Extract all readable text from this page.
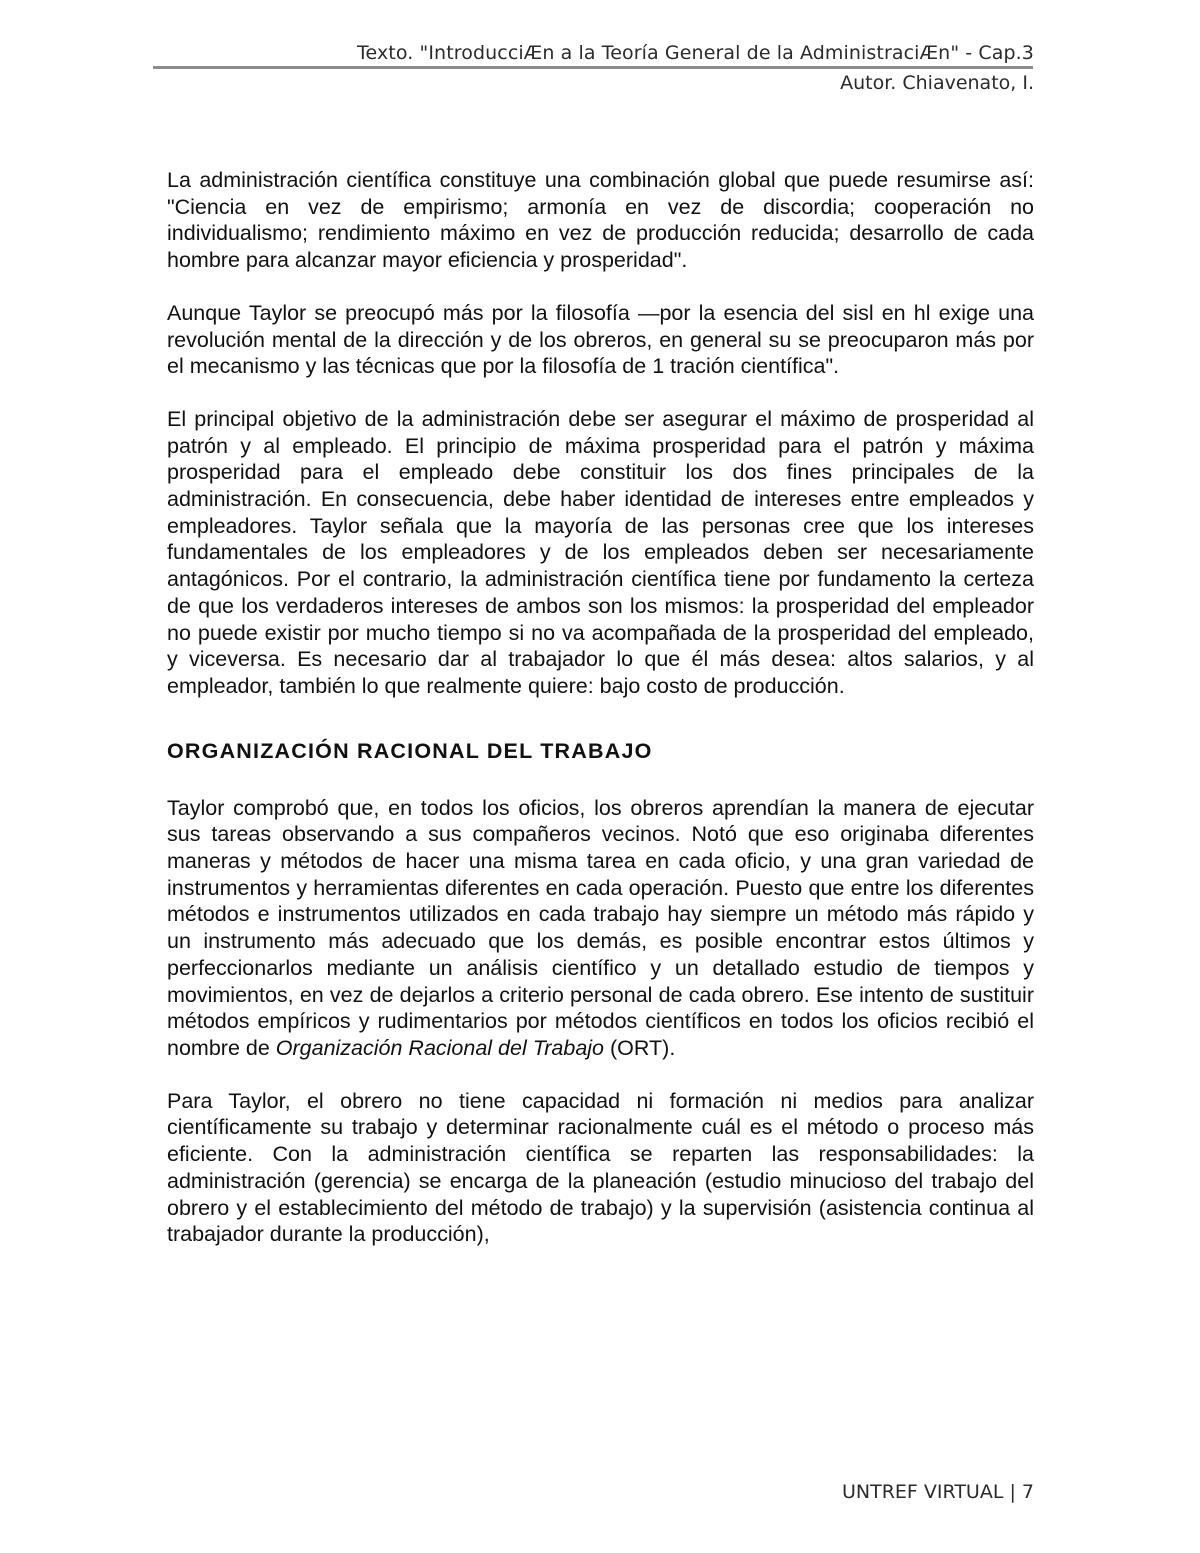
Texto. "IntroducciÆn a la Teoría General de la AdministraciÆn" - Cap.3
Autor. Chiavenato, I.

La administración científica constituye una combinación global que puede resumirse así: "Ciencia en vez de empirismo; armonía en vez de discordia; cooperación no individualismo; rendimiento máximo en vez de producción reducida; desarrollo de cada hombre para alcanzar mayor eficiencia y prosperidad".

Aunque Taylor se preocupó más por la filosofía —por la esencia del sisl en hl exige una revolución mental de la dirección y de los obreros, en general su se preocuparon más por el mecanismo y las técnicas que por la filosofía de 1 tración científica".

El principal objetivo de la administración debe ser asegurar el máximo de prosperidad al patrón y al empleado. El principio de máxima prosperidad para el patrón y máxima prosperidad para el empleado debe constituir los dos fines principales de la administración. En consecuencia, debe haber identidad de intereses entre empleados y empleadores. Taylor señala que la mayoría de las personas cree que los intereses fundamentales de los empleadores y de los empleados deben ser necesariamente antagónicos. Por el contrario, la administración científica tiene por fundamento la certeza de que los verdaderos intereses de ambos son los mismos: la prosperidad del empleador no puede existir por mucho tiempo si no va acompañada de la prosperidad del empleado, y viceversa. Es necesario dar al trabajador lo que él más desea: altos salarios, y al empleador, también lo que realmente quiere: bajo costo de producción.

ORGANIZACIÓN RACIONAL DEL TRABAJO

Taylor comprobó que, en todos los oficios, los obreros aprendían la manera de ejecutar sus tareas observando a sus compañeros vecinos. Notó que eso originaba diferentes maneras y métodos de hacer una misma tarea en cada oficio, y una gran variedad de instrumentos y herramientas diferentes en cada operación. Puesto que entre los diferentes métodos e instrumentos utilizados en cada trabajo hay siempre un método más rápido y un instrumento más adecuado que los demás, es posible encontrar estos últimos y perfeccionarlos mediante un análisis científico y un detallado estudio de tiempos y movimientos, en vez de dejarlos a criterio personal de cada obrero. Ese intento de sustituir métodos empíricos y rudimentarios por métodos científicos en todos los oficios recibió el nombre de Organización Racional del Trabajo (ORT).

Para Taylor, el obrero no tiene capacidad ni formación ni medios para analizar científicamente su trabajo y determinar racionalmente cuál es el método o proceso más eficiente. Con la administración científica se reparten las responsabilidades: la administración (gerencia) se encarga de la planeación (estudio minucioso del trabajo del obrero y el establecimiento del método de trabajo) y la supervisión (asistencia continua al trabajador durante la producción),

UNTREF VIRTUAL | 7
